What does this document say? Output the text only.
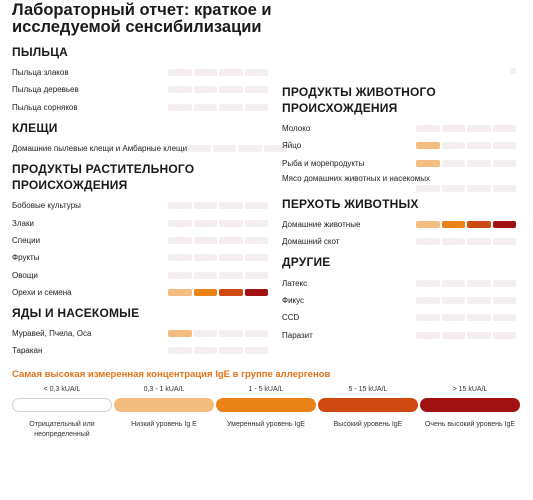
Лабораторный отчет: краткое и
исследуемой сенсибилизации
ПЫЛЬЦА
Пыльца злаков
Пыльца деревьев
Пыльца сорняков
КЛЕЩИ
Домашние пылевые клещи и Амбарные клещи
ПРОДУКТЫ РАСТИТЕЛЬНОГО
ПРОИСХОЖДЕНИЯ
Бобовые культуры
Злаки
Специи
Фрукты
Овощи
Орехи и семена
ЯДЫ И НАСЕКОМЫЕ
Муравей, Пчела, Оса
Таракан
ПРОДУКТЫ ЖИВОТНОГО
ПРОИСХОЖДЕНИЯ
Молоко
Яйцо
Рыба и морепродукты
Мясо домашних животных и насекомых
ПЕРХОТЬ ЖИВОТНЫХ
Домашние животные
Домашний скот
ДРУГИЕ
Латекс
Фикус
CCD
Паразит
Самая высокая измеренная концентрация IgE в группе аллергенов
< 0,3 kUA/L
Отрицательный или неопределенный
0,3 - 1 kUA/L
Низкий уровень Ig E
1 - 5 kUA/L
Умеренный уровень IgE
5 - 15 kUA/L
Высокий уровень IgE
> 15 kUA/L
Очень высокий уровень IgE
